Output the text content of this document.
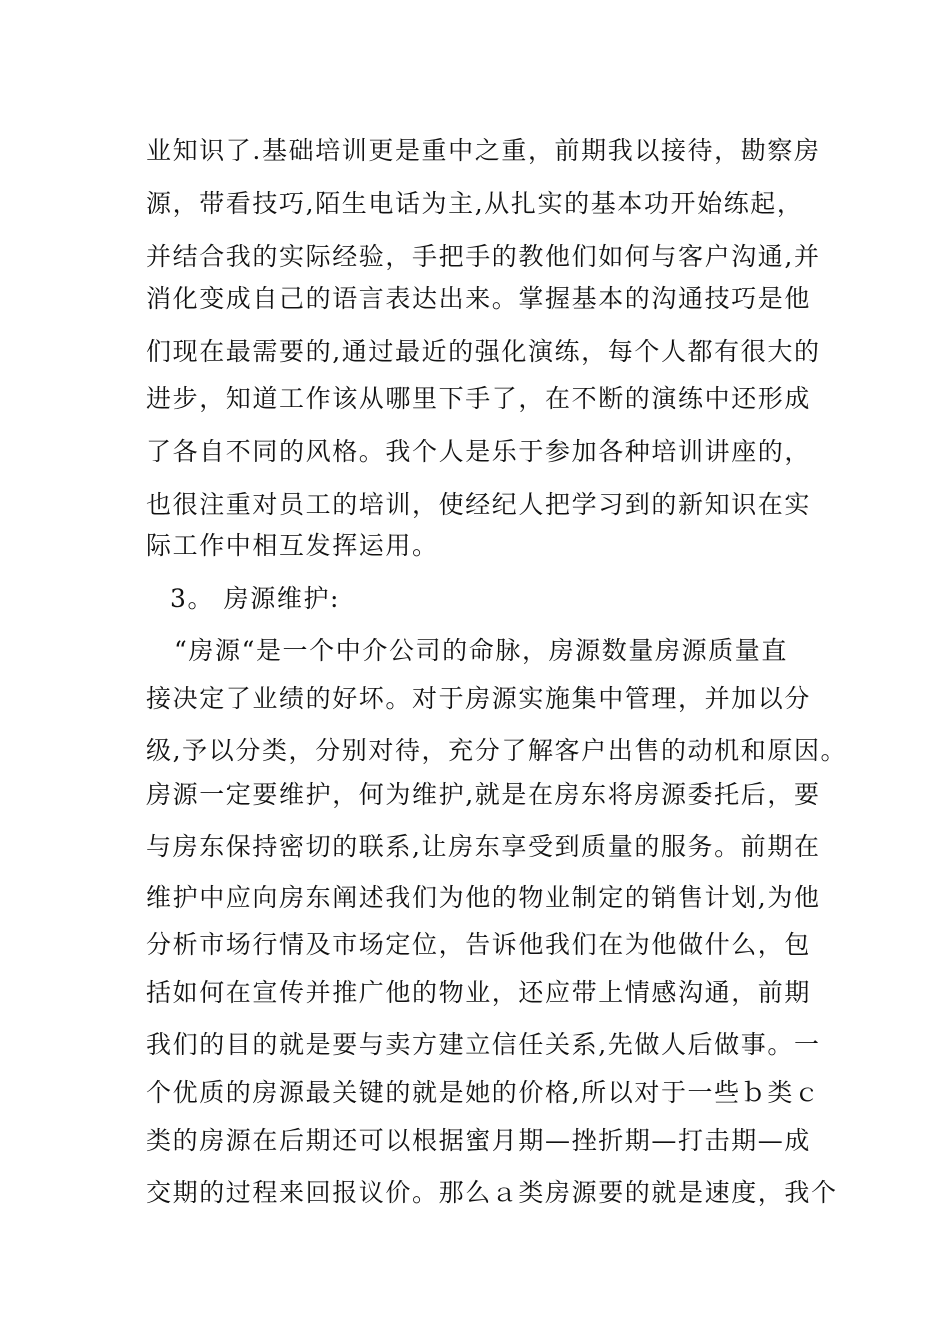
业知识了.基础培训更是重中之重，前期我以接待，勘察房
源，带看技巧,陌生电话为主,从扎实的基本功开始练起，
并结合我的实际经验，手把手的教他们如何与客户沟通,并
消化变成自己的语言表达出来。掌握基本的沟通技巧是他
们现在最需要的,通过最近的强化演练，每个人都有很大的
进步，知道工作该从哪里下手了，在不断的演练中还形成
了各自不同的风格。我个人是乐于参加各种培训讲座的，
也很注重对员工的培训，使经纪人把学习到的新知识在实
际工作中相互发挥运用。
3。 房源维护:
“房源“是一个中介公司的命脉，房源数量房源质量直
接决定了业绩的好坏。对于房源实施集中管理，并加以分
级,予以分类，分别对待，充分了解客户出售的动机和原因。
房源一定要维护，何为维护,就是在房东将房源委托后，要
与房东保持密切的联系,让房东享受到质量的服务。前期在
维护中应向房东阐述我们为他的物业制定的销售计划,为他
分析市场行情及市场定位，告诉他我们在为他做什么，包
括如何在宣传并推广他的物业，还应带上情感沟通，前期
我们的目的就是要与卖方建立信任关系,先做人后做事。一
个优质的房源最关键的就是她的价格,所以对于一些ｂ类ｃ
类的房源在后期还可以根据蜜月期—挫折期—打击期—成
交期的过程来回报议价。那么ａ类房源要的就是速度，我个
